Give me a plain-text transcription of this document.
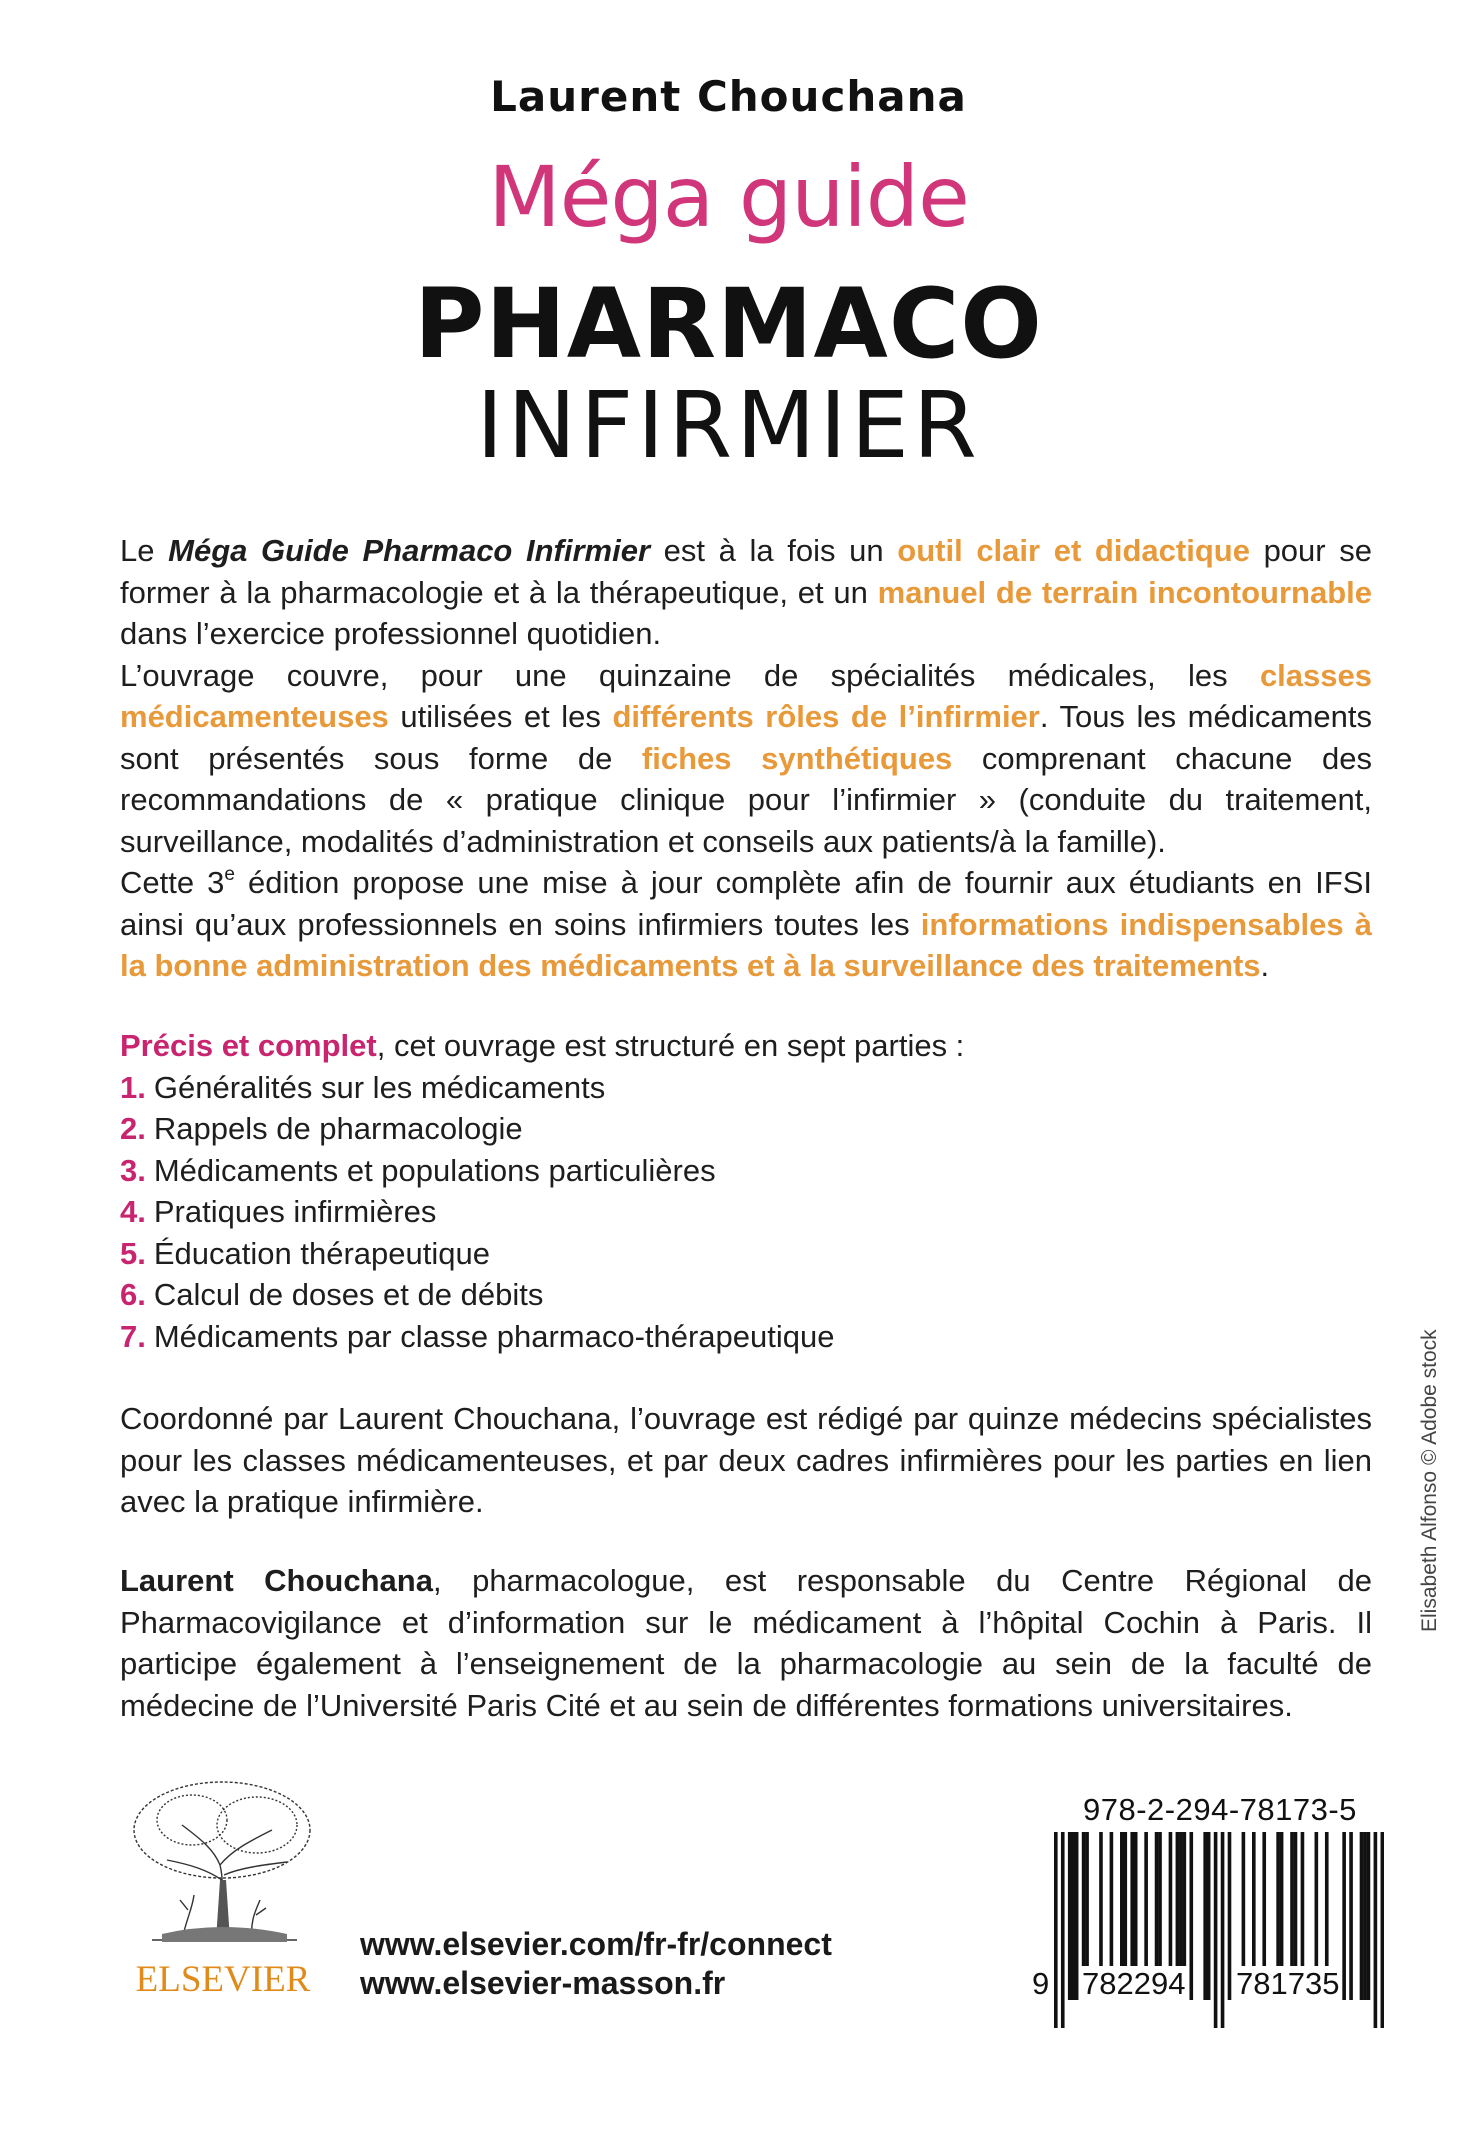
Laurent Chouchana
Méga guide
PHARMACO
INFIRMIER
Le Méga Guide Pharmaco Infirmier est à la fois un outil clair et didactique pour se former à la pharmacologie et à la thérapeutique, et un manuel de terrain incontournable dans l’exercice professionnel quotidien.
L’ouvrage couvre, pour une quinzaine de spécialités médicales, les classes médicamenteuses utilisées et les différents rôles de l’infirmier. Tous les médicaments sont présentés sous forme de fiches synthétiques comprenant chacune des recommandations de « pratique clinique pour l’infirmier » (conduite du traitement, surveillance, modalités d’administration et conseils aux patients/à la famille).
Cette 3e édition propose une mise à jour complète afin de fournir aux étudiants en IFSI ainsi qu’aux professionnels en soins infirmiers toutes les informations indispensables à la bonne administration des médicaments et à la surveillance des traitements.
Précis et complet, cet ouvrage est structuré en sept parties :
1. Généralités sur les médicaments
2. Rappels de pharmacologie
3. Médicaments et populations particulières
4. Pratiques infirmières
5. Éducation thérapeutique
6. Calcul de doses et de débits
7. Médicaments par classe pharmaco-thérapeutique
Coordonné par Laurent Chouchana, l’ouvrage est rédigé par quinze médecins spécialistes pour les classes médicamenteuses, et par deux cadres infirmières pour les parties en lien avec la pratique infirmière.
Laurent Chouchana, pharmacologue, est responsable du Centre Régional de Pharmacovigilance et d’information sur le médicament à l’hôpital Cochin à Paris. Il participe également à l’enseignement de la pharmacologie au sein de la faculté de médecine de l’Université Paris Cité et au sein de différentes formations universitaires.
Elisabeth Alfonso © Adobe stock
ELSEVIER
www.elsevier.com/fr-fr/connect
www.elsevier-masson.fr
978-2-294-78173-5
9 782294 781735
